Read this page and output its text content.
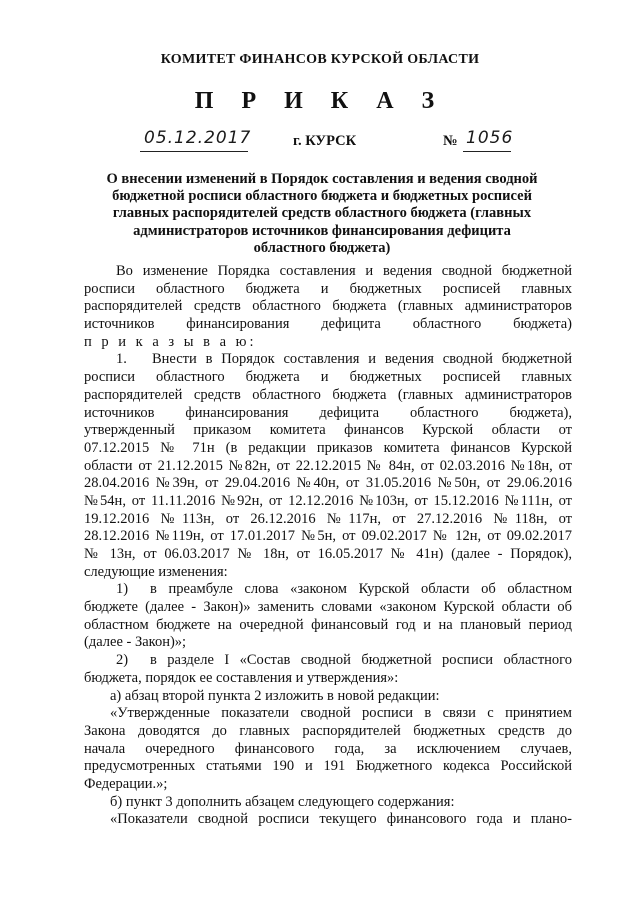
КОМИТЕТ ФИНАНСОВ КУРСКОЙ ОБЛАСТИ
П Р И К А З
05.12.2017	г. КУРСК	№ 1056
О внесении изменений в Порядок составления и ведения сводной
бюджетной росписи областного бюджета и бюджетных росписей
главных распорядителей средств областного бюджета (главных
администраторов источников финансирования дефицита
областного бюджета)
Во изменение Порядка составления и ведения сводной бюджетной
росписи областного бюджета и бюджетных росписей главных
распорядителей средств областного бюджета (главных администраторов
источников финансирования дефицита областного бюджета)
п р и к а з ы в а ю:
1. Внести в Порядок составления и ведения сводной бюджетной
росписи областного бюджета и бюджетных росписей главных
распорядителей средств областного бюджета (главных администраторов
источников финансирования дефицита областного бюджета),
утвержденный приказом комитета финансов Курской области от
07.12.2015 № 71н (в редакции приказов комитета финансов Курской
области от 21.12.2015 №82н, от 22.12.2015 № 84н, от 02.03.2016 №18н, от
28.04.2016 №39н, от 29.04.2016 №40н, от 31.05.2016 №50н, от 29.06.2016
№54н, от 11.11.2016 №92н, от 12.12.2016 №103н, от 15.12.2016 №111н, от
19.12.2016 №113н, от 26.12.2016 №117н, от 27.12.2016 №118н, от
28.12.2016 №119н, от 17.01.2017 №5н, от 09.02.2017 № 12н, от 09.02.2017
№ 13н, от 06.03.2017 № 18н, от 16.05.2017 № 41н) (далее - Порядок),
следующие изменения:
1) в преамбуле слова «законом Курской области об областном
бюджете (далее - Закон)» заменить словами «законом Курской области об
областном бюджете на очередной финансовый год и на плановый период
(далее - Закон)»;
2) в разделе I «Состав сводной бюджетной росписи областного
бюджета, порядок ее составления и утверждения»:
а) абзац второй пункта 2 изложить в новой редакции:
«Утвержденные показатели сводной росписи в связи с принятием
Закона доводятся до главных распорядителей бюджетных средств до
начала очередного финансового года, за исключением случаев,
предусмотренных статьями 190 и 191 Бюджетного кодекса Российской
Федерации.»;
б) пункт 3 дополнить абзацем следующего содержания:
«Показатели сводной росписи текущего финансового года и плано-
